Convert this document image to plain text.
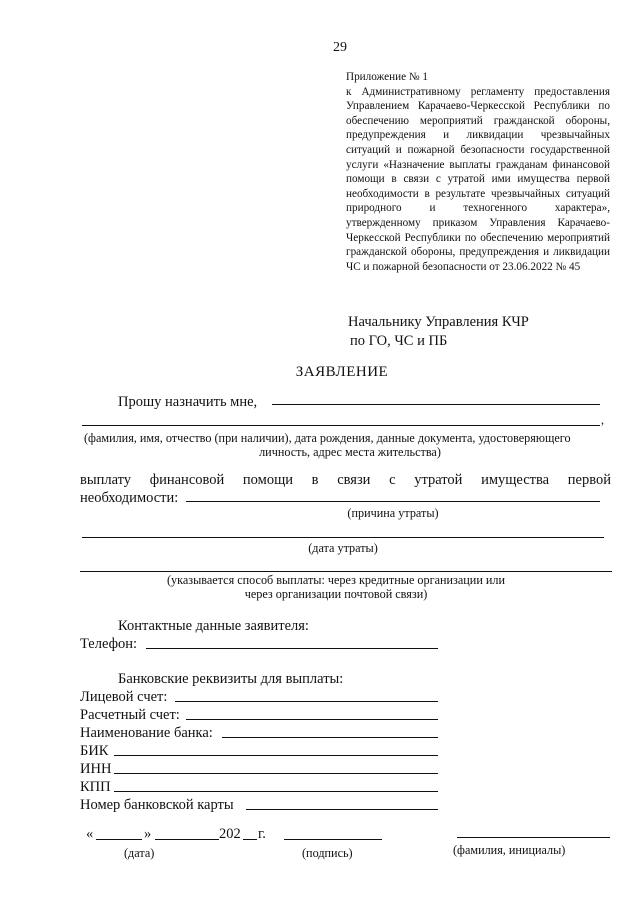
29
Приложение № 1
к Административному регламенту предоставления Управлением Карачаево-Черкесской Республики по обеспечению мероприятий гражданской обороны, предупреждения и ликвидации чрезвычайных ситуаций и пожарной безопасности государственной услуги «Назначение выплаты гражданам финансовой помощи в связи с утратой ими имущества первой необходимости в результате чрезвычайных ситуаций природного и техногенного характера», утвержденному приказом Управления Карачаево-Черкесской Республики по обеспечению мероприятий гражданской обороны, предупреждения и ликвидации ЧС и пожарной безопасности от 23.06.2022 № 45
Начальнику Управления КЧР
по ГО, ЧС и ПБ
ЗАЯВЛЕНИЕ
Прошу назначить мне,
,
(фамилия, имя, отчество (при наличии), дата рождения, данные документа, удостоверяющего
личность, адрес места жительства)
выплату финансовой помощи в связи с утратой имущества первой
необходимости:
(причина утраты)
(дата утраты)
(указывается способ выплаты: через кредитные организации или
через организации почтовой связи)
Контактные данные заявителя:
Телефон:
Банковские реквизиты для выплаты:
Лицевой счет:
Расчетный счет:
Наименование банка:
БИК
ИНН
КПП
Номер банковской карты
«	»	202 г.
(дата)	(подпись)	(фамилия, инициалы)
